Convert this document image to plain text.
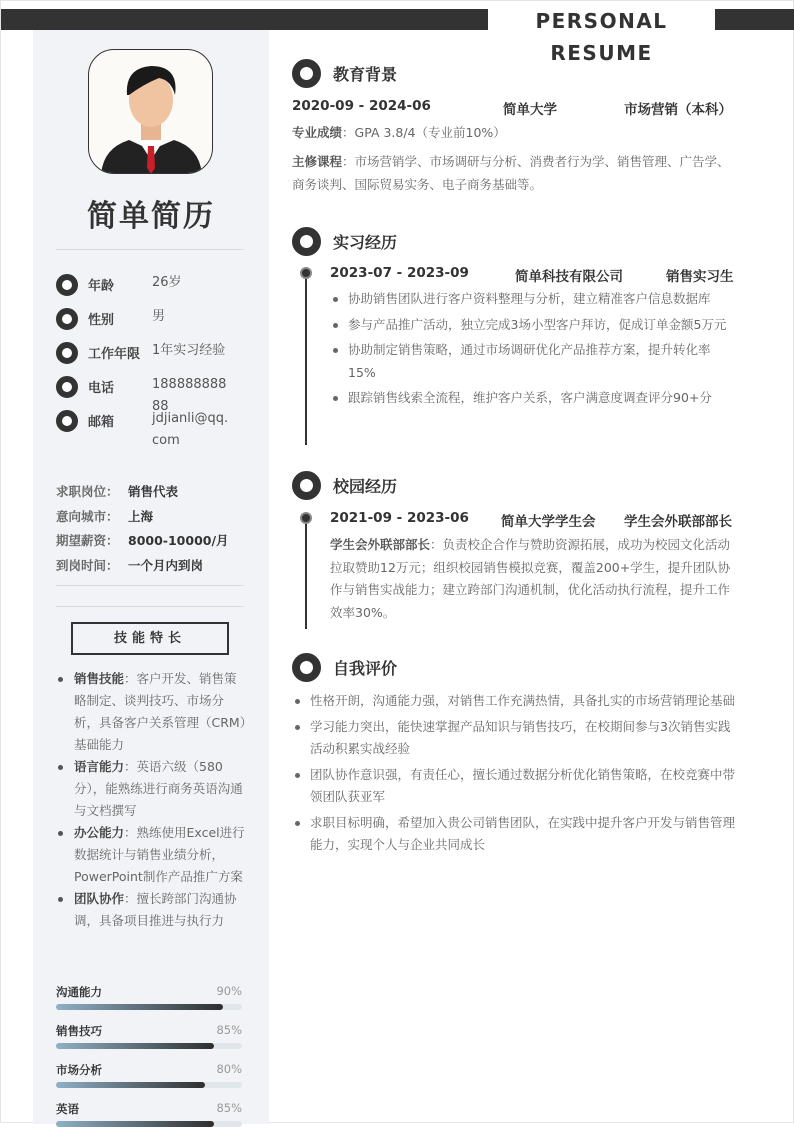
PERSONAL RESUME
简单简历
年龄	26岁
性别	男
工作年限 1年实习经验
电话	18888888888
邮箱	jdjianli@qq.com
求职岗位： 销售代表
意向城市： 上海
期望薪资： 8000-10000/月
到岗时间： 一个月内到岗
技能特长
销售技能：客户开发、销售策略制定、谈判技巧、市场分析，具备客户关系管理（CRM）基础能力
语言能力：英语六级（580分），能熟练进行商务英语沟通与文档撰写
办公能力：熟练使用Excel进行数据统计与销售业绩分析，PowerPoint制作产品推广方案
团队协作：擅长跨部门沟通协调，具备项目推进与执行力
沟通能力	90%
销售技巧	85%
市场分析	80%
英语	85%
教育背景
2020-09 - 2024-06	简单大学	市场营销（本科）
专业成绩：GPA 3.8/4（专业前10%）
主修课程：市场营销学、市场调研与分析、消费者行为学、销售管理、广告学、商务谈判、国际贸易实务、电子商务基础等。
实习经历
2023-07 - 2023-09	简单科技有限公司	销售实习生
协助销售团队进行客户资料整理与分析，建立精准客户信息数据库
参与产品推广活动，独立完成3场小型客户拜访，促成订单金额5万元
协助制定销售策略，通过市场调研优化产品推荐方案，提升转化率15%
跟踪销售线索全流程，维护客户关系，客户满意度调查评分90+分
校园经历
2021-09 - 2023-06	简单大学学生会	学生会外联部部长
学生会外联部部长：负责校企合作与赞助资源拓展，成功为校园文化活动拉取赞助12万元；组织校园销售模拟竞赛，覆盖200+学生，提升团队协作与销售实战能力；建立跨部门沟通机制，优化活动执行流程，提升工作效率30%。
自我评价
性格开朗，沟通能力强，对销售工作充满热情，具备扎实的市场营销理论基础
学习能力突出，能快速掌握产品知识与销售技巧，在校期间参与3次销售实践活动积累实战经验
团队协作意识强，有责任心，擅长通过数据分析优化销售策略，在校竞赛中带领团队获亚军
求职目标明确，希望加入贵公司销售团队，在实践中提升客户开发与销售管理能力，实现个人与企业共同成长
